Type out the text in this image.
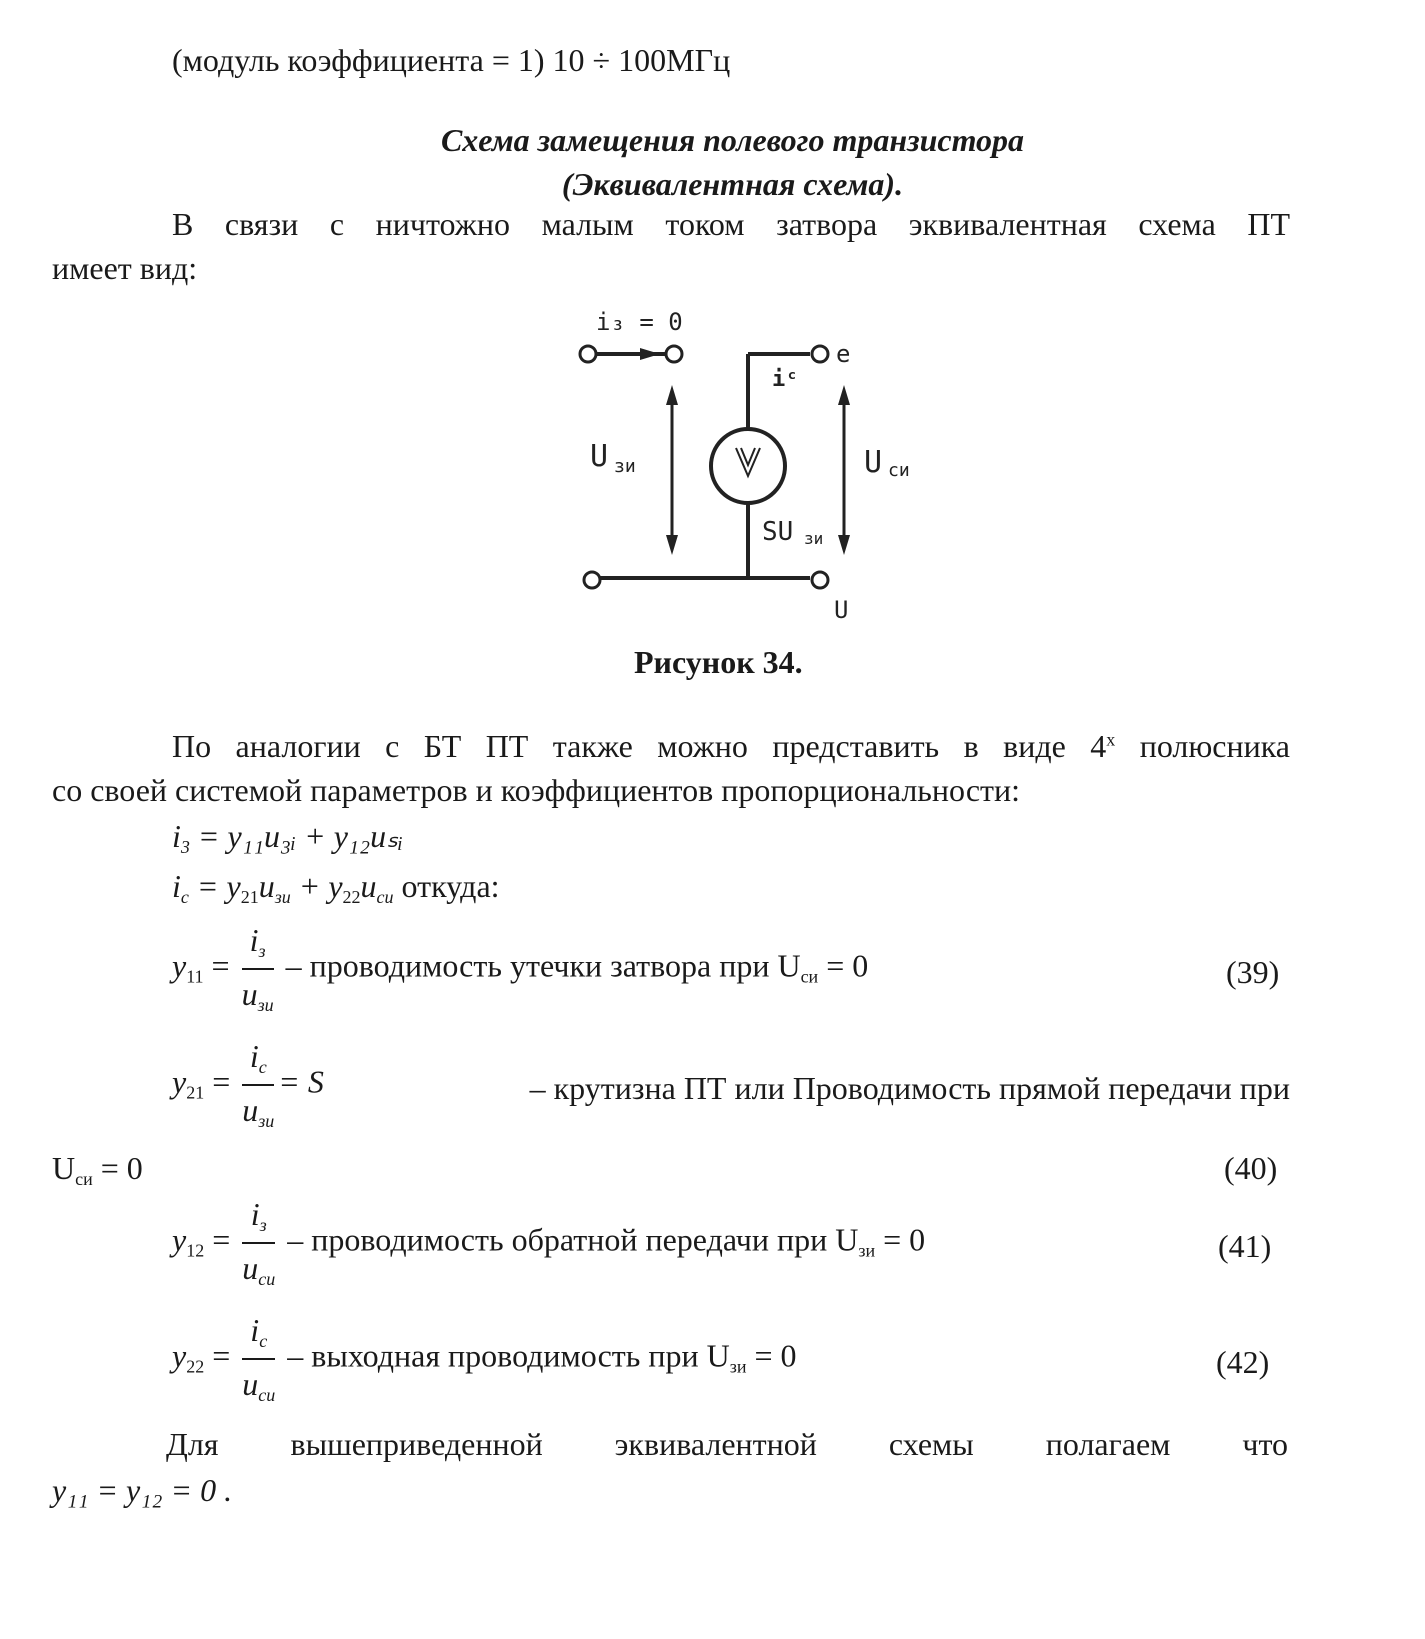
(модуль коэффициента = 1) 10 ÷ 100МГц
Схема замещения полевого транзистора
(Эквивалентная схема).
В связи с ничтожно малым током затвора эквивалентная схема ПТ
имеет вид:
i₃ = 0
iᶜ
U зи	U си
SU зи
е
U
Рисунок 34.
По аналогии с БТ ПТ также можно представить в виде $4^х$ полюсника
со своей системой параметров и коэффициентов пропорциональности:
$i_3$ = y₁₁u₃ᵢ + y₁₂uₛᵢ
$i_c = y_{21}u_{зи} + y_{22}u_{си}$ откуда:
$y_{11} = \frac{i_з}{u_{зи}}$ – проводимость утечки затвора при $U_{си} = 0$	(39)
$y_{21} = \frac{i_c}{u_{зи}} = S$	– крутизна ПТ или Проводимость прямой передачи при
$U_{си} = 0$	(40)
$y_{12} = \frac{i_з}{u_{си}}$ – проводимость обратной передачи при $U_{зи} = 0$	(41)
$y_{22} = \frac{i_c}{u_{си}}$ – выходная проводимость при $U_{зи} = 0$	(42)
Для вышеприведенной эквивалентной схемы полагаем что
y₁₁ = y₁₂ = 0 .
